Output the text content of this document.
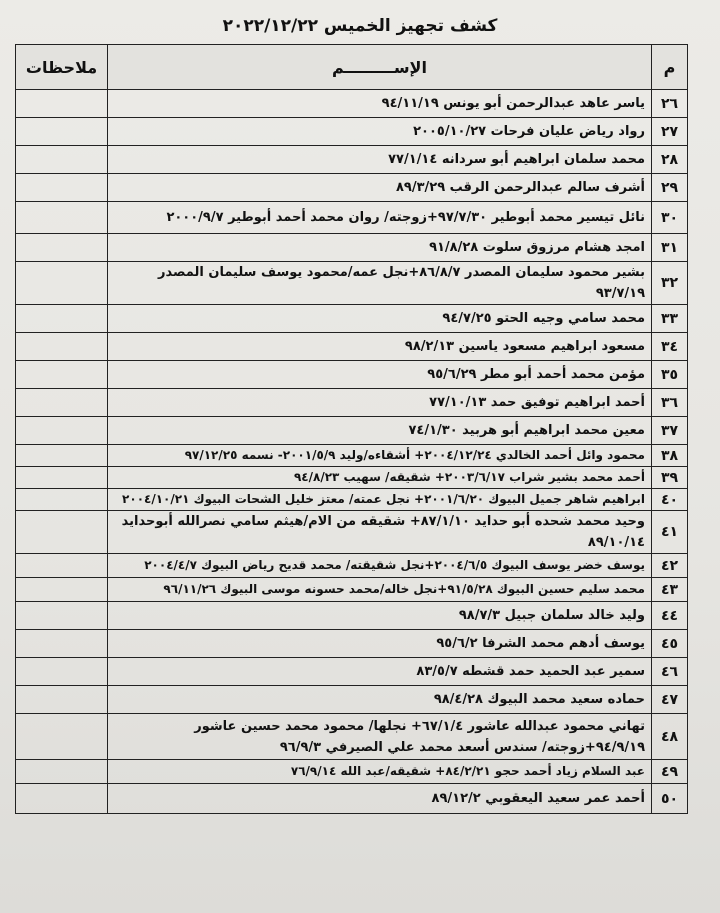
كشف تجهيز الخميس ٢٠٢٢/١٢/٢٢
م	الإســـــــــم	ملاحظات
٢٦	ياسر عاهد عبدالرحمن أبو يونس ٩٤/١١/١٩	
٢٧	رواد رياض عليان فرحات ٢٠٠٥/١٠/٢٧	
٢٨	محمد سلمان ابراهيم أبو سردانه ٧٧/١/١٤	
٢٩	أشرف سالم عبدالرحمن الرقب ٨٩/٣/٢٩	
٣٠	نائل تيسير محمد أبوطير ٩٧/٧/٣٠+زوجته/ روان محمد أحمد أبوطير ٢٠٠٠/٩/٧	
٣١	امجد هشام مرزوق سلوت ٩١/٨/٢٨	
٣٢	بشير محمود سليمان المصدر ٨٦/٨/٧+نجل عمه/محمود يوسف سليمان المصدر ٩٣/٧/١٩	
٣٣	محمد سامي وجيه الحتو ٩٤/٧/٢٥	
٣٤	مسعود ابراهيم مسعود ياسين ٩٨/٢/١٣	
٣٥	مؤمن محمد أحمد أبو مطر ٩٥/٦/٢٩	
٣٦	أحمد ابراهيم توفيق حمد ٧٧/١٠/١٣	
٣٧	معين محمد ابراهيم أبو هربيد ٧٤/١/٣٠	
٣٨	محمود وائل أحمد الخالدي ٢٠٠٤/١٢/٢٤+ أشقاءه/وليد ٢٠٠١/٥/٩- نسمه ٩٧/١٢/٢٥	
٣٩	أحمد محمد بشير شراب ٢٠٠٣/٦/١٧+ شقيقه/ سهيب ٩٤/٨/٢٣	
٤٠	ابراهيم شاهر جميل البيوك ٢٠٠١/٦/٢٠+ نجل عمته/ معتز خليل الشحات البيوك ٢٠٠٤/١٠/٢١	
٤١	وحيد محمد شحده أبو حدايد ٨٧/١/١٠+ شقيقه من الام/هيثم سامي نصرالله أبوحدايد ٨٩/١٠/١٤	
٤٢	يوسف خضر يوسف البيوك ٢٠٠٤/٦/٥+نجل شقيقته/ محمد قديح رياض البيوك ٢٠٠٤/٤/٧	
٤٣	محمد سليم حسين البيوك ٩١/٥/٢٨+نجل خاله/محمد حسونه موسى البيوك ٩٦/١١/٢٦	
٤٤	وليد خالد سلمان جبيل ٩٨/٧/٣	
٤٥	يوسف أدهم محمد الشرفا ٩٥/٦/٢	
٤٦	سمير عبد الحميد حمد قشطه ٨٣/٥/٧	
٤٧	حماده سعيد محمد البيوك ٩٨/٤/٢٨	
٤٨	تهاني محمود عبدالله عاشور ٦٧/١/٤+ نجلها/ محمود محمد حسين عاشور ٩٤/٩/١٩+زوجته/ سندس أسعد محمد علي الصيرفي ٩٦/٩/٣	
٤٩	عبد السلام زياد أحمد حجو ٨٤/٢/٢١+ شقيقه/عبد الله ٧٦/٩/١٤	
٥٠	أحمد عمر سعيد اليعقوبي ٨٩/١٢/٢	
